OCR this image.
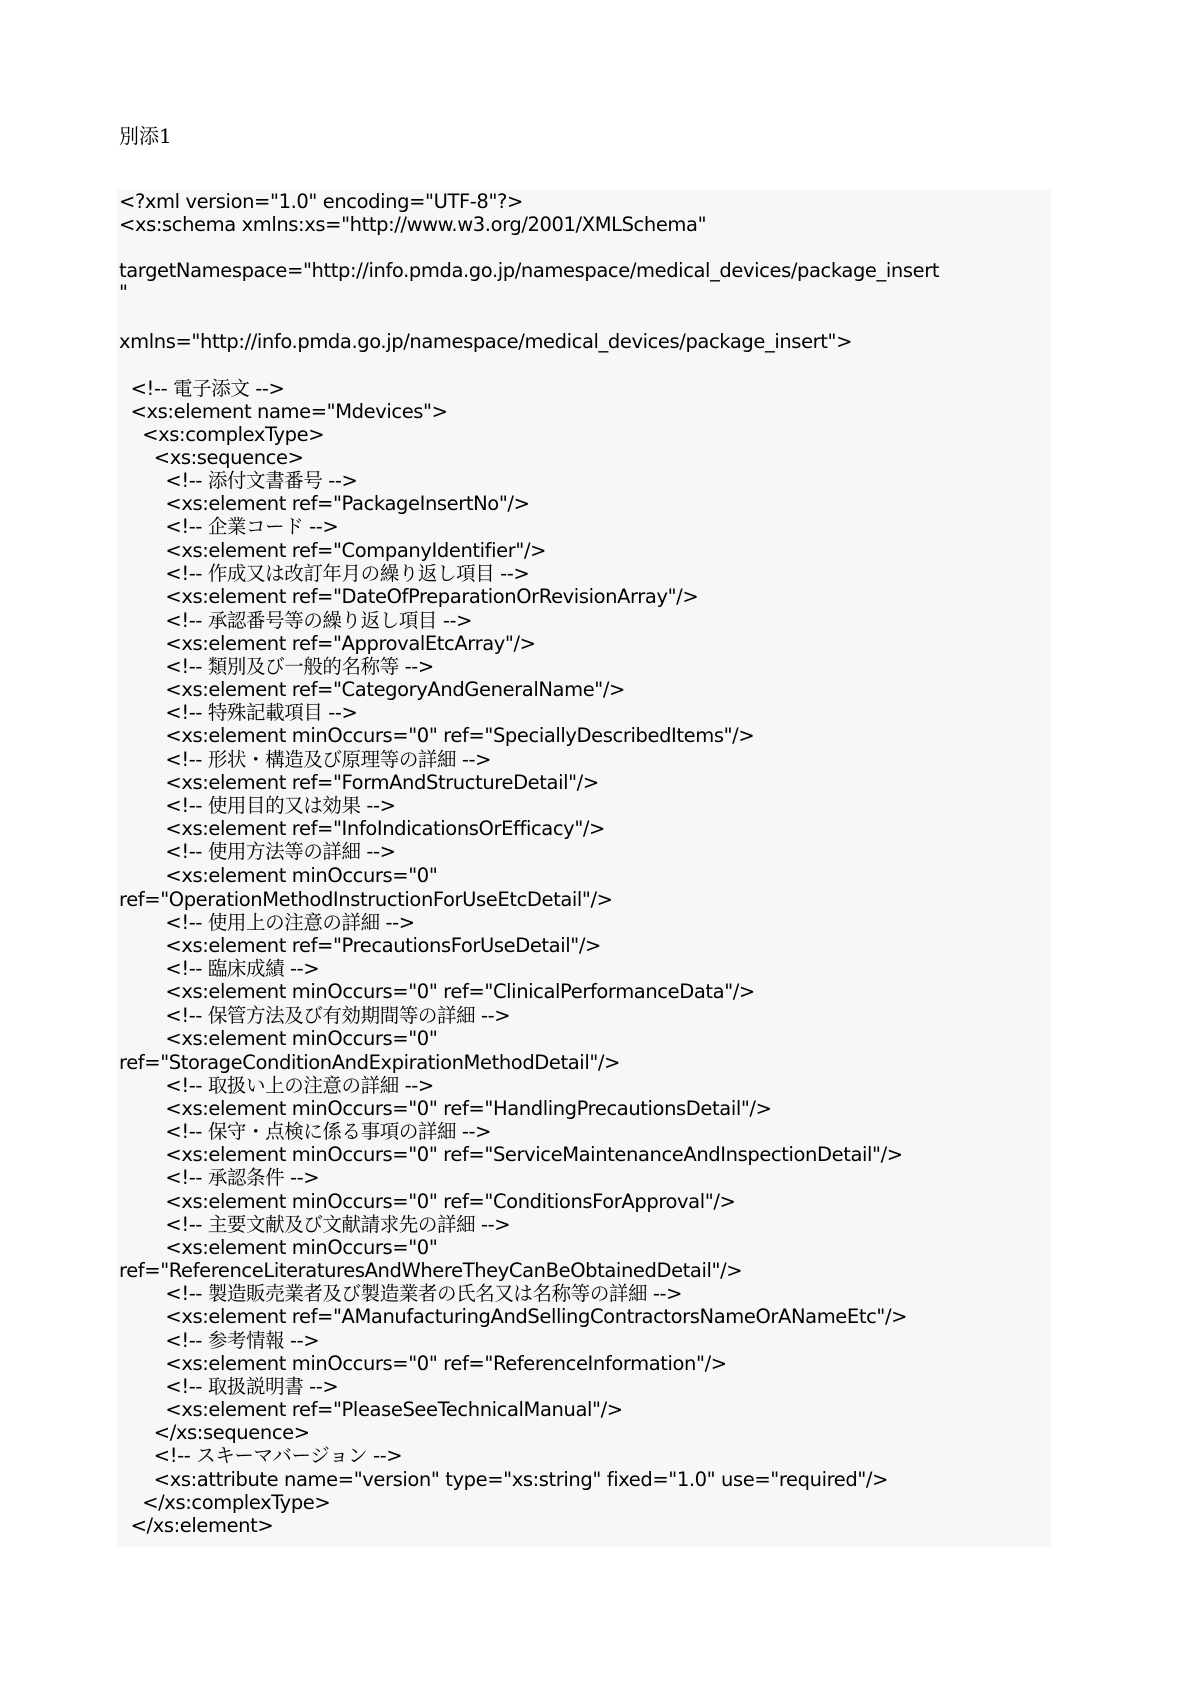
別添1
<?xml version="1.0" encoding="UTF-8"?>
<xs:schema xmlns:xs="http://www.w3.org/2001/XMLSchema"
targetNamespace="http://info.pmda.go.jp/namespace/medical_devices/package_insert
"
xmlns="http://info.pmda.go.jp/namespace/medical_devices/package_insert">
<!-- 電子添文 -->
<xs:element name="Mdevices">
<xs:complexType>
<xs:sequence>
<!-- 添付文書番号 -->
<xs:element ref="PackageInsertNo"/>
<!-- 企業コード -->
<xs:element ref="CompanyIdentifier"/>
<!-- 作成又は改訂年月の繰り返し項目 -->
<xs:element ref="DateOfPreparationOrRevisionArray"/>
<!-- 承認番号等の繰り返し項目 -->
<xs:element ref="ApprovalEtcArray"/>
<!-- 類別及び一般的名称等 -->
<xs:element ref="CategoryAndGeneralName"/>
<!-- 特殊記載項目 -->
<xs:element minOccurs="0" ref="SpeciallyDescribedItems"/>
<!-- 形状・構造及び原理等の詳細 -->
<xs:element ref="FormAndStructureDetail"/>
<!-- 使用目的又は効果 -->
<xs:element ref="InfoIndicationsOrEfficacy"/>
<!-- 使用方法等の詳細 -->
<xs:element minOccurs="0"
ref="OperationMethodInstructionForUseEtcDetail"/>
<!-- 使用上の注意の詳細 -->
<xs:element ref="PrecautionsForUseDetail"/>
<!-- 臨床成績 -->
<xs:element minOccurs="0" ref="ClinicalPerformanceData"/>
<!-- 保管方法及び有効期間等の詳細 -->
<xs:element minOccurs="0"
ref="StorageConditionAndExpirationMethodDetail"/>
<!-- 取扱い上の注意の詳細 -->
<xs:element minOccurs="0" ref="HandlingPrecautionsDetail"/>
<!-- 保守・点検に係る事項の詳細 -->
<xs:element minOccurs="0" ref="ServiceMaintenanceAndInspectionDetail"/>
<!-- 承認条件 -->
<xs:element minOccurs="0" ref="ConditionsForApproval"/>
<!-- 主要文献及び文献請求先の詳細 -->
<xs:element minOccurs="0"
ref="ReferenceLiteraturesAndWhereTheyCanBeObtainedDetail"/>
<!-- 製造販売業者及び製造業者の氏名又は名称等の詳細 -->
<xs:element ref="AManufacturingAndSellingContractorsNameOrANameEtc"/>
<!-- 参考情報 -->
<xs:element minOccurs="0" ref="ReferenceInformation"/>
<!-- 取扱説明書 -->
<xs:element ref="PleaseSeeTechnicalManual"/>
</xs:sequence>
<!-- スキーマバージョン -->
<xs:attribute name="version" type="xs:string" fixed="1.0" use="required"/>
</xs:complexType>
</xs:element>
